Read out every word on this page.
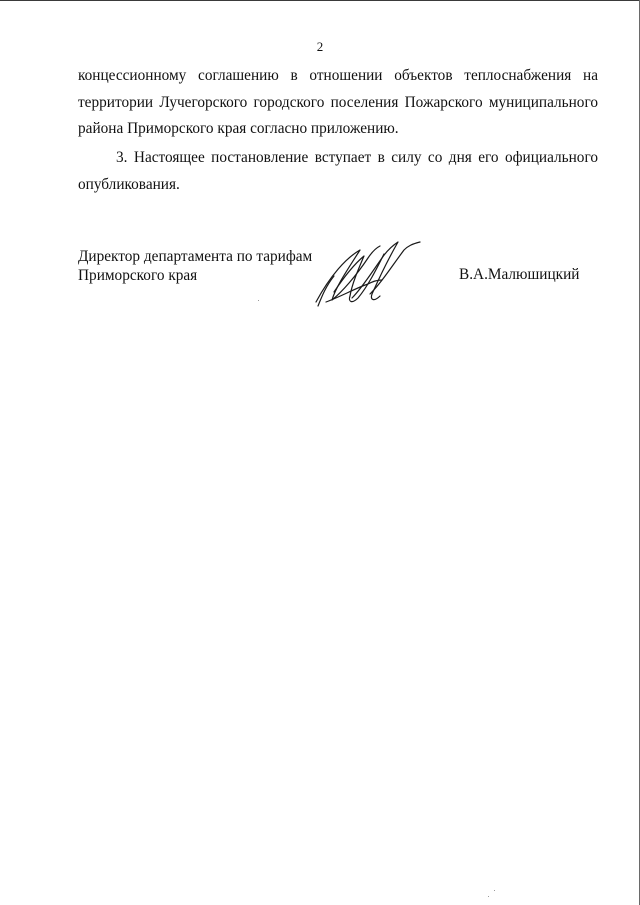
2

концессионному соглашению в отношении объектов теплоснабжения на
территории Лучегорского городского поселения Пожарского муниципального
района Приморского края согласно приложению.

3. Настоящее постановление вступает в силу со дня его официального
опубликования.

Директор департамента по тарифам
Приморского края	В.А.Малюшицкий
